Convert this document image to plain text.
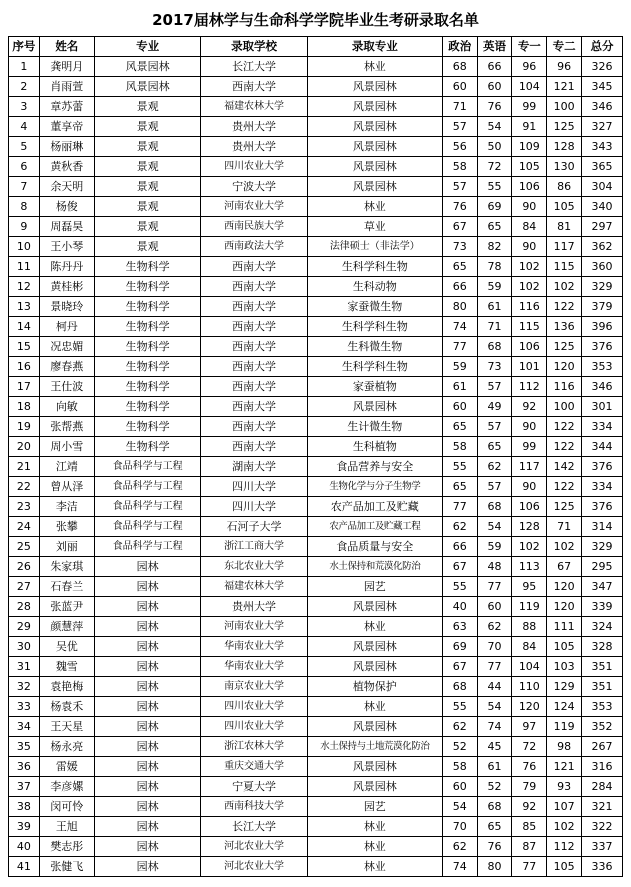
2017届林学与生命科学学院毕业生考研录取名单
序号	姓名	专业	录取学校	录取专业	政治	英语	专一	专二	总分
1	龚明月	风景园林	长江大学	林业	68	66	96	96	326
2	肖雨萱	风景园林	西南大学	风景园林	60	60	104	121	345
3	章苏蕾	景观	福建农林大学	风景园林	71	76	99	100	346
4	董享帝	景观	贵州大学	风景园林	57	54	91	125	327
5	杨丽琳	景观	贵州大学	风景园林	56	50	109	128	343
6	黄秋香	景观	四川农业大学	风景园林	58	72	105	130	365
7	余天明	景观	宁波大学	风景园林	57	55	106	86	304
8	杨俊	景观	河南农业大学	林业	76	69	90	105	340
9	周磊昊	景观	西南民族大学	草业	67	65	84	81	297
10	王小琴	景观	西南政法大学	法律硕士（非法学）	73	82	90	117	362
11	陈丹丹	生物科学	西南大学	生科学科生物	65	78	102	115	360
12	黄桂彬	生物科学	西南大学	生科动物	66	59	102	102	329
13	景晓玲	生物科学	西南大学	家蚕微生物	80	61	116	122	379
14	柯丹	生物科学	西南大学	生科学科生物	74	71	115	136	396
15	况忠媚	生物科学	西南大学	生科微生物	77	68	106	125	376
16	廖春燕	生物科学	西南大学	生科学科生物	59	73	101	120	353
17	王仕波	生物科学	西南大学	家蚕植物	61	57	112	116	346
18	向敏	生物科学	西南大学	风景园林	60	49	92	100	301
19	张帮燕	生物科学	西南大学	生计微生物	65	57	90	122	334
20	周小雪	生物科学	西南大学	生科植物	58	65	99	122	344
21	江靖	食品科学与工程	湖南大学	食品营养与安全	55	62	117	142	376
22	曾从泽	食品科学与工程	四川大学	生物化学与分子生物学	65	57	90	122	334
23	李洁	食品科学与工程	四川大学	农产品加工及贮藏	77	68	106	125	376
24	张攀	食品科学与工程	石河子大学	农产品加工及贮藏工程	62	54	128	71	314
25	刘丽	食品科学与工程	浙江工商大学	食品质量与安全	66	59	102	102	329
26	朱家琪	园林	东北农业大学	水土保持和荒漠化防治	67	48	113	67	295
27	石春兰	园林	福建农林大学	园艺	55	77	95	120	347
28	张蓝尹	园林	贵州大学	风景园林	40	60	119	120	339
29	颜慧萍	园林	河南农业大学	林业	63	62	88	111	324
30	吴优	园林	华南农业大学	风景园林	69	70	84	105	328
31	魏雪	园林	华南农业大学	风景园林	67	77	104	103	351
32	袁艳梅	园林	南京农业大学	植物保护	68	44	110	129	351
33	杨袁禾	园林	四川农业大学	林业	55	54	120	124	353
34	王天星	园林	四川农业大学	风景园林	62	74	97	119	352
35	杨永亮	园林	浙江农林大学	水土保持与土地荒漠化防治	52	45	72	98	267
36	雷媛	园林	重庆交通大学	风景园林	58	61	76	121	316
37	李彦嫘	园林	宁夏大学	风景园林	60	52	79	93	284
38	闵可怜	园林	西南科技大学	园艺	54	68	92	107	321
39	王旭	园林	长江大学	林业	70	65	85	102	322
40	樊志彤	园林	河北农业大学	林业	62	76	87	112	337
41	张健飞	园林	河北农业大学	林业	74	80	77	105	336
